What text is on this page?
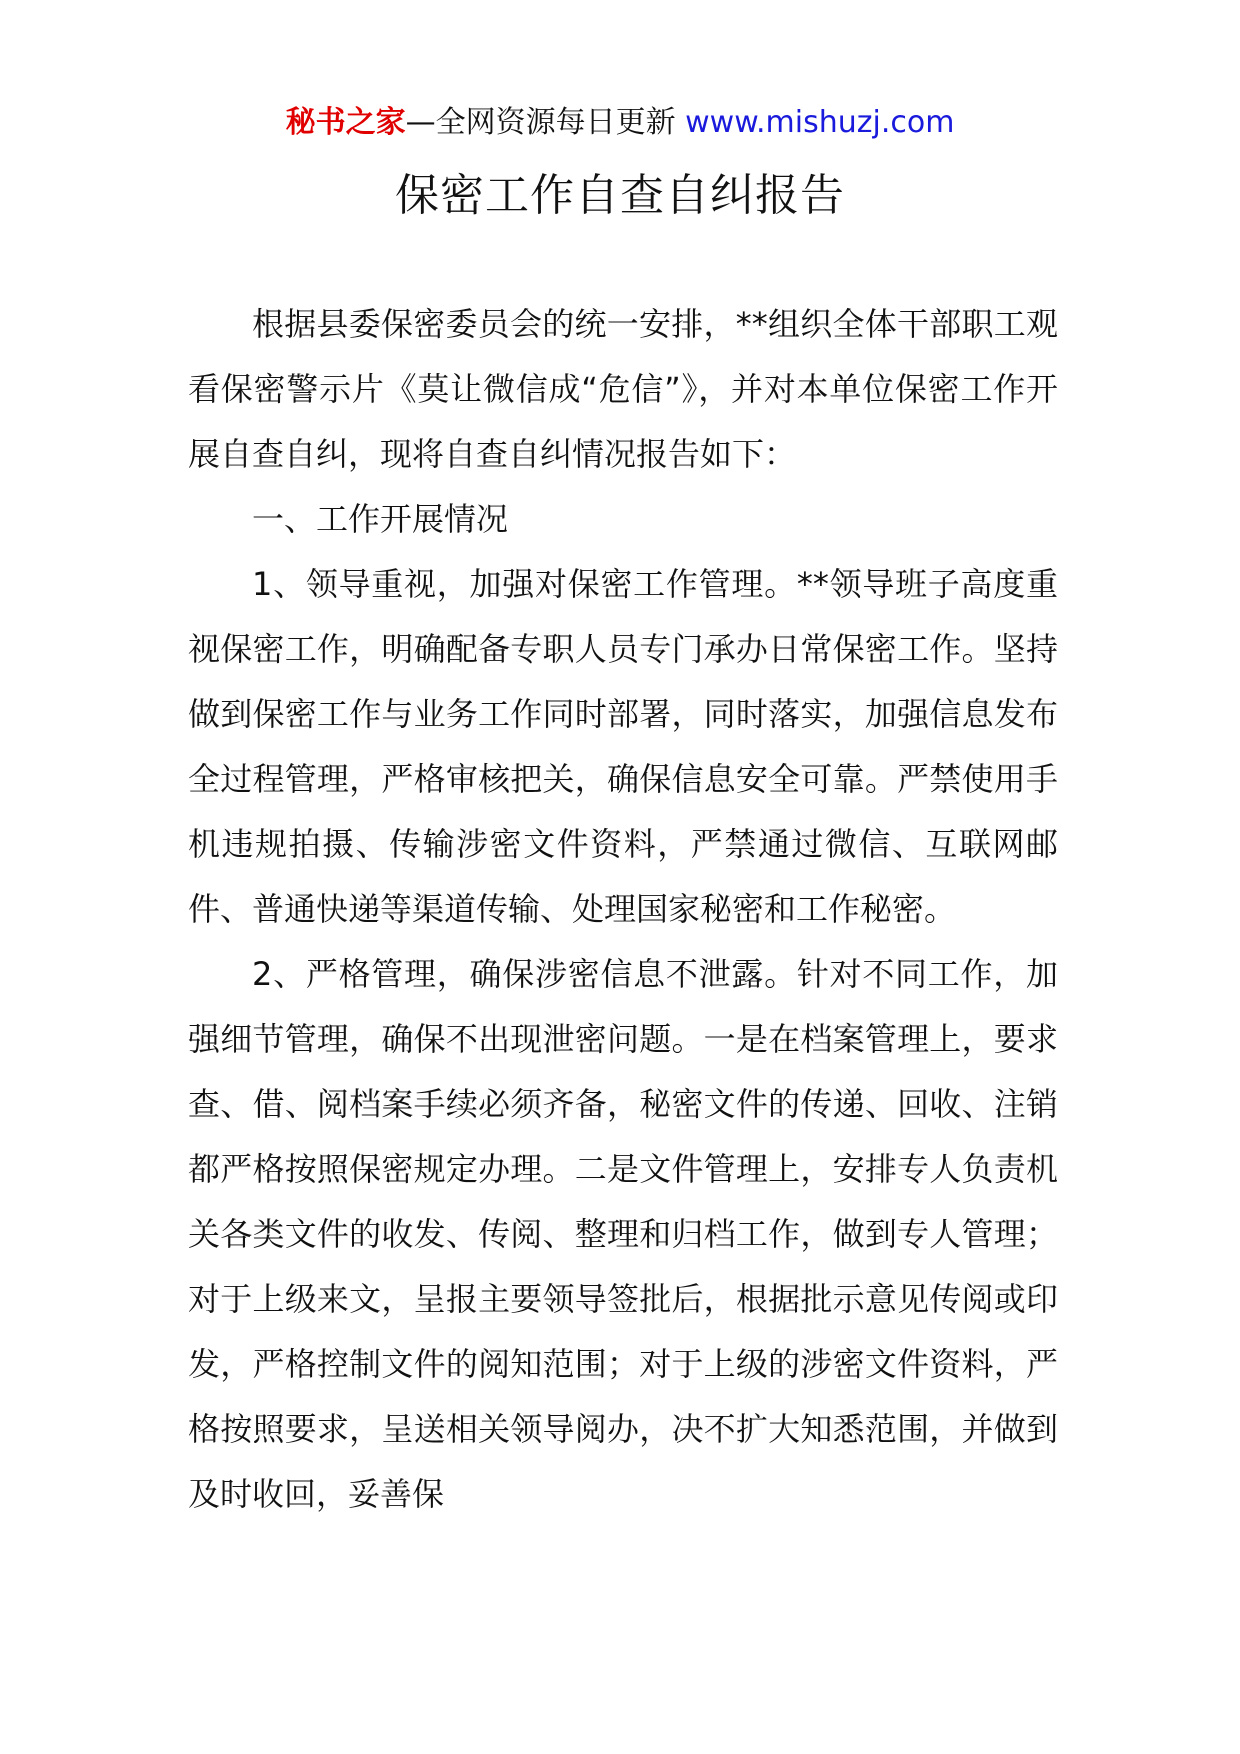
秘书之家—全网资源每日更新 www.mishuzj.com
保密工作自查自纠报告

根据县委保密委员会的统一安排，**组织全体干部职工观看保密警示片《莫让微信成“危信”》，并对本单位保密工作开展自查自纠，现将自查自纠情况报告如下：

一、工作开展情况

1、领导重视，加强对保密工作管理。**领导班子高度重视保密工作，明确配备专职人员专门承办日常保密工作。坚持做到保密工作与业务工作同时部署，同时落实，加强信息发布全过程管理，严格审核把关，确保信息安全可靠。严禁使用手机违规拍摄、传输涉密文件资料，严禁通过微信、互联网邮件、普通快递等渠道传输、处理国家秘密和工作秘密。

2、严格管理，确保涉密信息不泄露。针对不同工作，加强细节管理，确保不出现泄密问题。一是在档案管理上，要求查、借、阅档案手续必须齐备，秘密文件的传递、回收、注销都严格按照保密规定办理。二是文件管理上，安排专人负责机关各类文件的收发、传阅、整理和归档工作，做到专人管理；对于上级来文，呈报主要领导签批后，根据批示意见传阅或印发，严格控制文件的阅知范围；对于上级的涉密文件资料，严格按照要求，呈送相关领导阅办，决不扩大知悉范围，并做到及时收回，妥善保
